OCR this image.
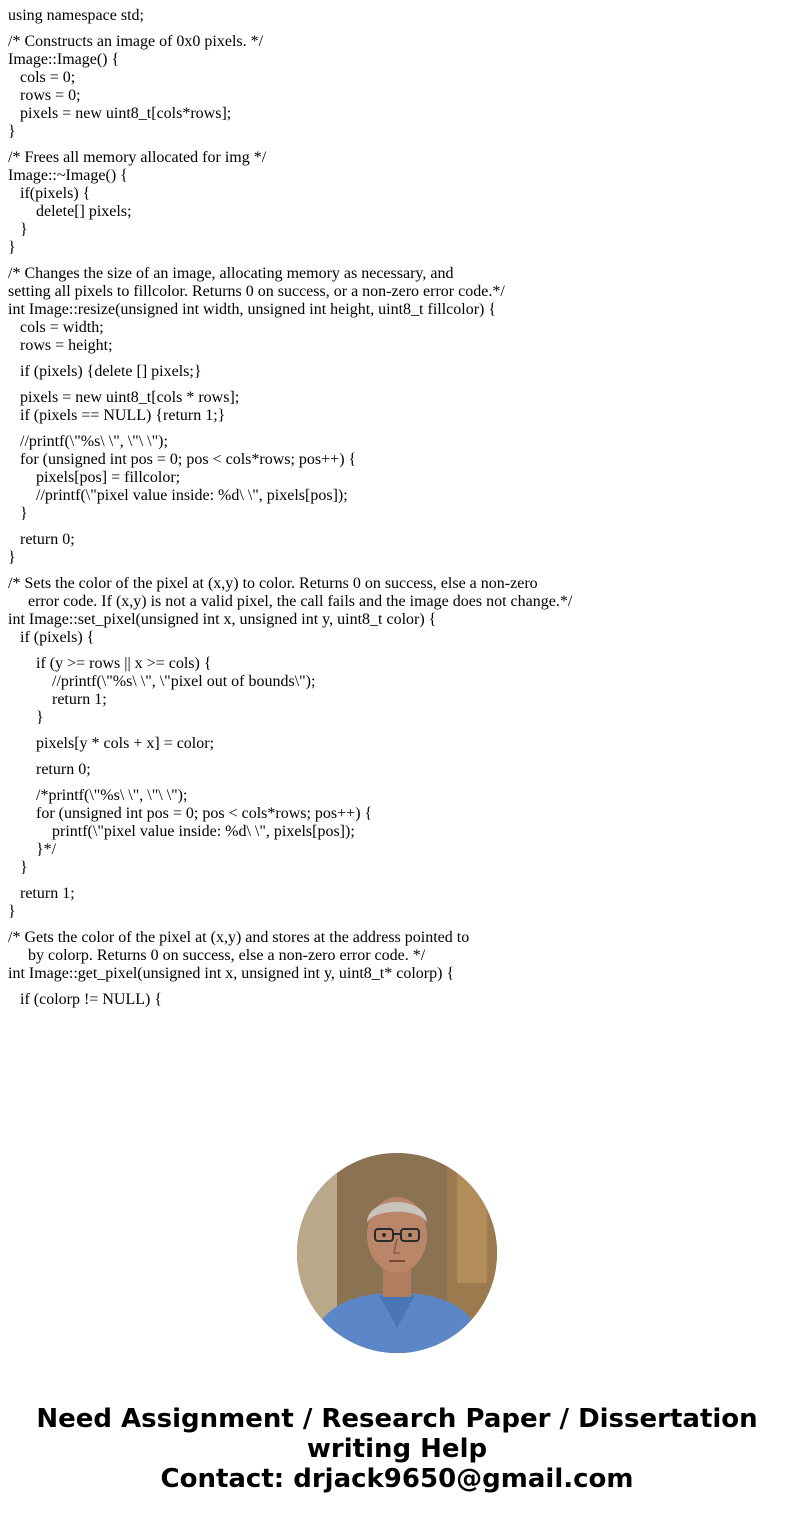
using namespace std;
/* Constructs an image of 0x0 pixels. */
Image::Image() {
cols = 0;
rows = 0;
pixels = new uint8_t[cols*rows];
}
/* Frees all memory allocated for img */
Image::~Image() {
if(pixels) {
delete[] pixels;
}
}
/* Changes the size of an image, allocating memory as necessary, and
setting all pixels to fillcolor. Returns 0 on success, or a non-zero error code.*/
int Image::resize(unsigned int width, unsigned int height, uint8_t fillcolor) {
cols = width;
rows = height;
if (pixels) {delete [] pixels;}
pixels = new uint8_t[cols * rows];
if (pixels == NULL) {return 1;}
//printf(\"%s\ \", \"\ \");
for (unsigned int pos = 0; pos < cols*rows; pos++) {
pixels[pos] = fillcolor;
//printf(\"pixel value inside: %d\ \", pixels[pos]);
}
return 0;
}
/* Sets the color of the pixel at (x,y) to color. Returns 0 on success, else a non-zero
error code. If (x,y) is not a valid pixel, the call fails and the image does not change.*/
int Image::set_pixel(unsigned int x, unsigned int y, uint8_t color) {
if (pixels) {
if (y >= rows || x >= cols) {
//printf(\"%s\ \", \"pixel out of bounds\");
return 1;
}
pixels[y * cols + x] = color;
return 0;
/*printf(\"%s\ \", \"\ \");
for (unsigned int pos = 0; pos < cols*rows; pos++) {
printf(\"pixel value inside: %d\ \", pixels[pos]);
}*/
}
return 1;
}
/* Gets the color of the pixel at (x,y) and stores at the address pointed to
by colorp. Returns 0 on success, else a non-zero error code. */
int Image::get_pixel(unsigned int x, unsigned int y, uint8_t* colorp) {
if (colorp != NULL) {
Need Assignment / Research Paper / Dissertation
writing Help
Contact: drjack9650@gmail.com
